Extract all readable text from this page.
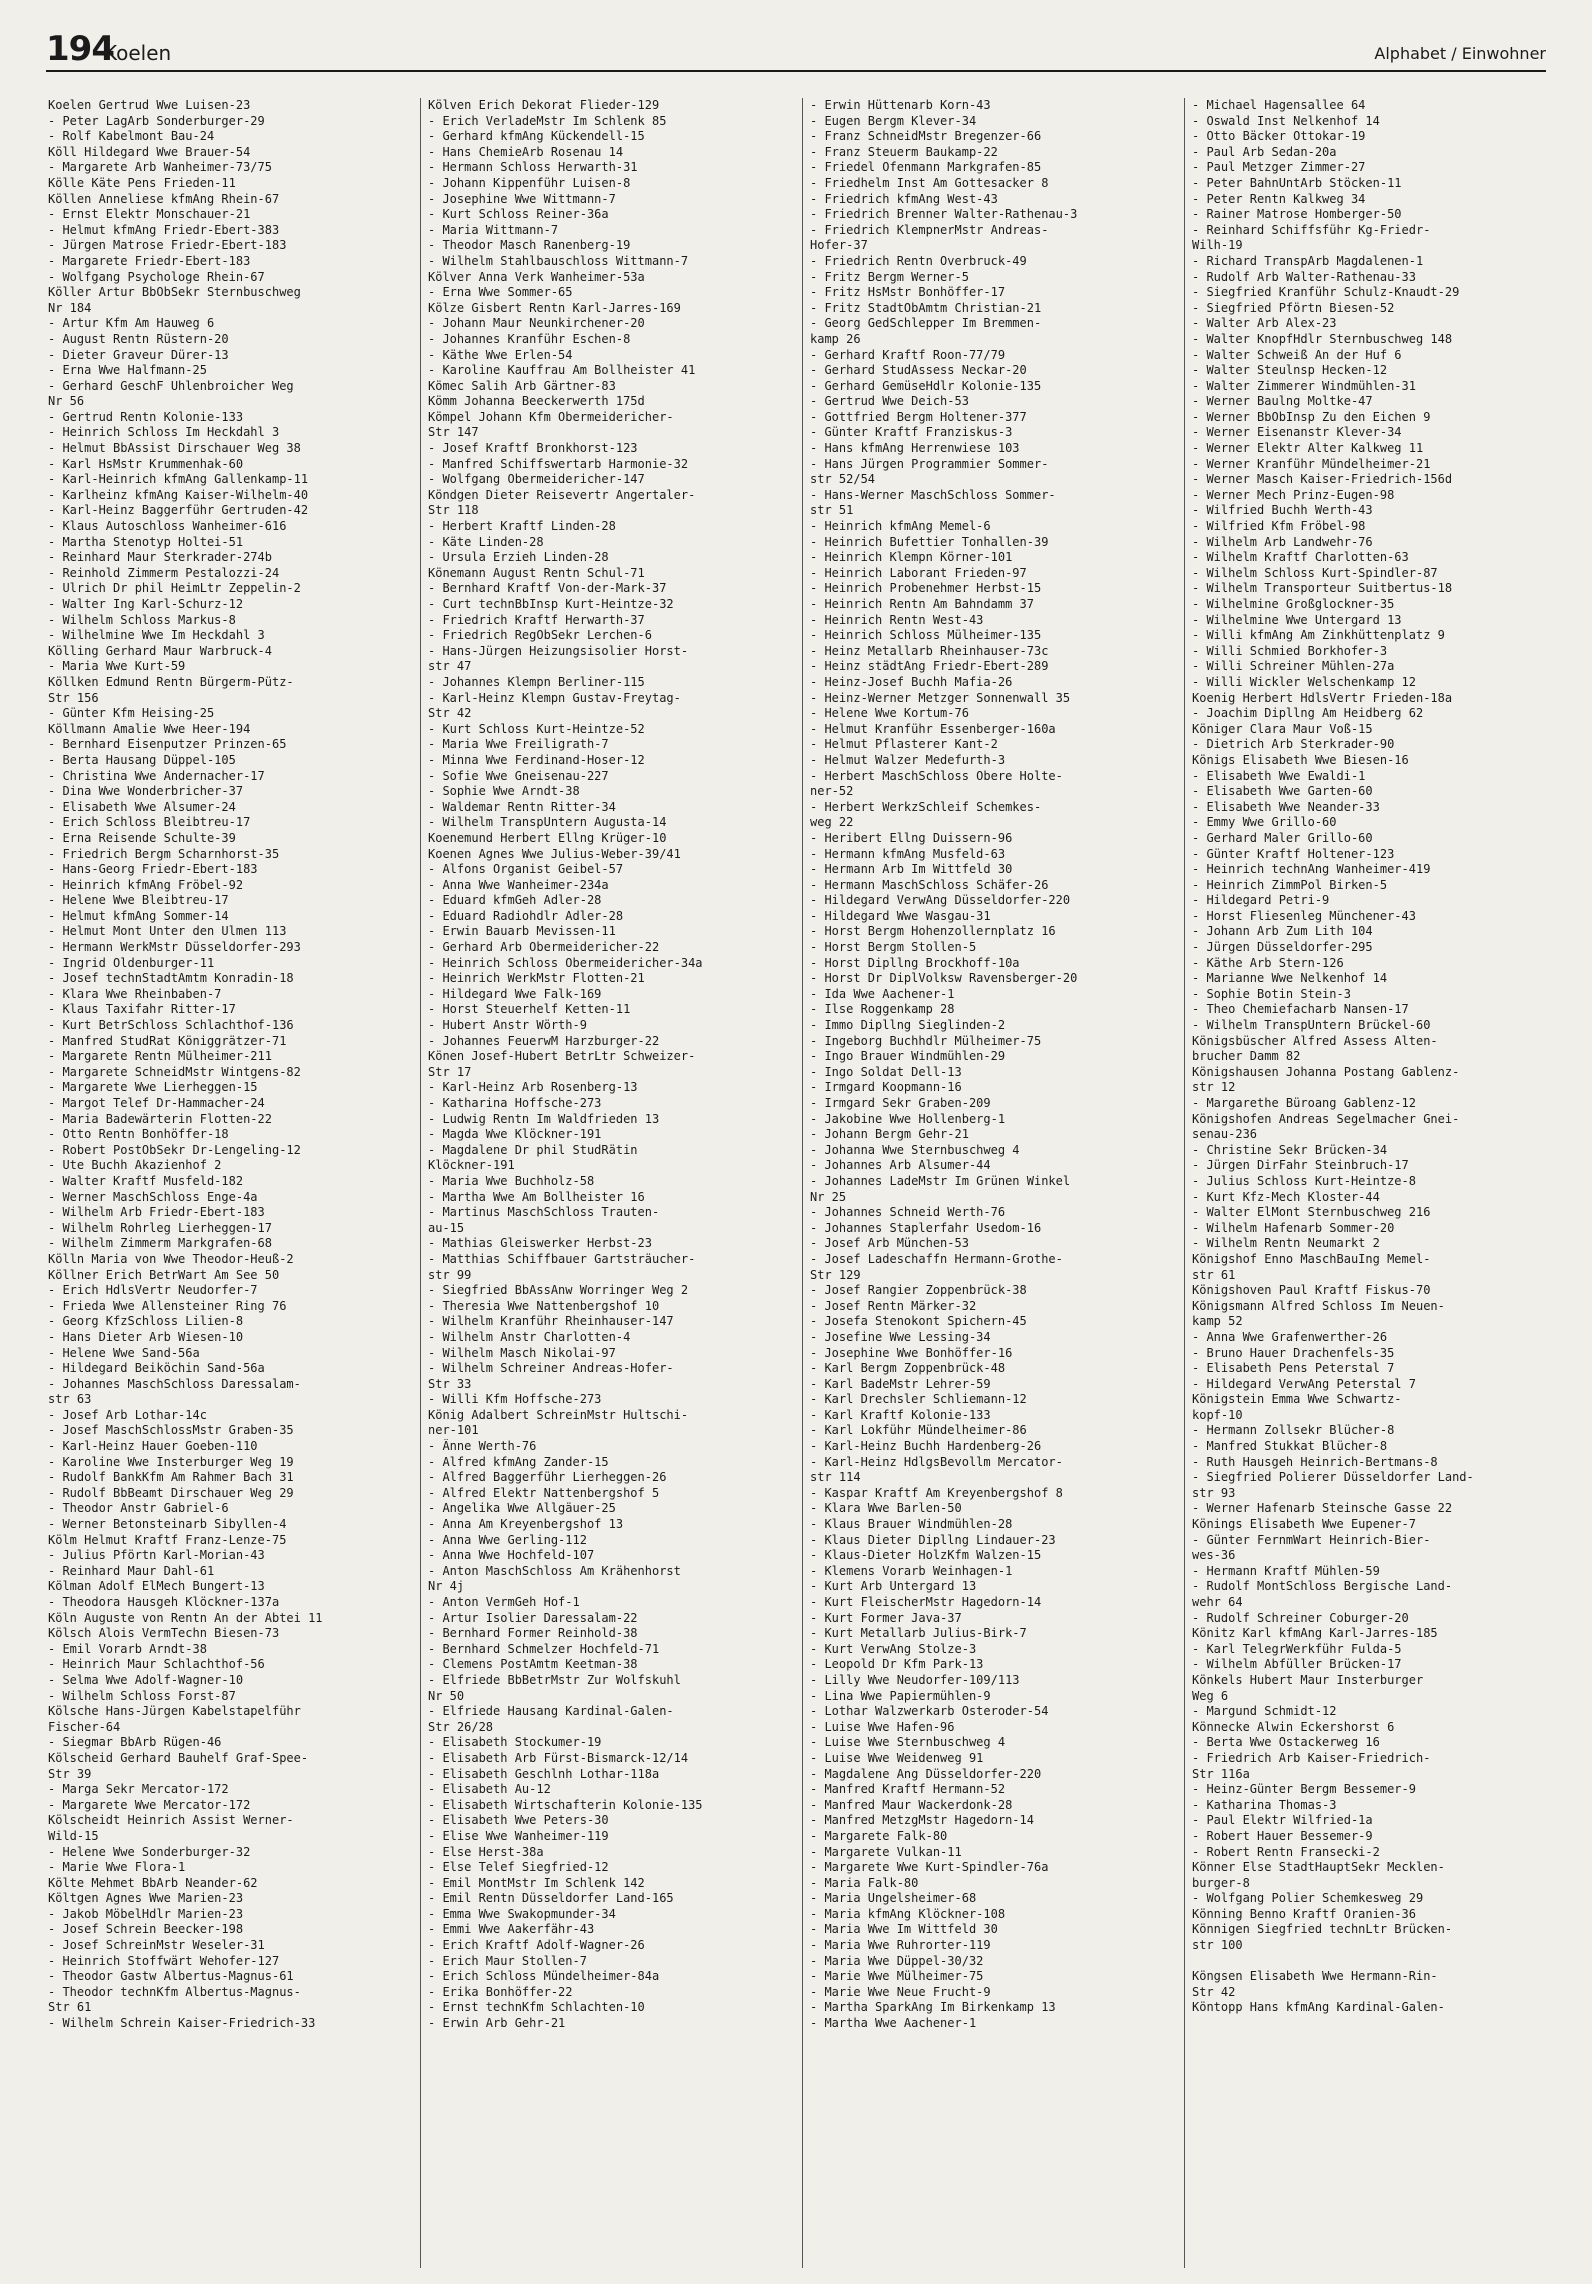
194
Koelen	Alphabet / Einwohner
Koelen Gertrud Wwe Luisen-23
- Peter LagArb Sonderburger-29
- Rolf Kabelmont Bau-24
Köll Hildegard Wwe Brauer-54
- Margarete Arb Wanheimer-73/75
Kölle Käte Pens Frieden-11
Köllen Anneliese kfmAng Rhein-67
- Ernst Elektr Monschauer-21
- Helmut kfmAng Friedr-Ebert-383
- Jürgen Matrose Friedr-Ebert-183
- Margarete Friedr-Ebert-183
- Wolfgang Psychologe Rhein-67
Köller Artur BbObSekr Sternbuschweg
Nr 184
- Artur Kfm Am Hauweg 6
- August Rentn Rüstern-20
- Dieter Graveur Dürer-13
- Erna Wwe Halfmann-25
- Gerhard GeschF Uhlenbroicher Weg
Nr 56
- Gertrud Rentn Kolonie-133
- Heinrich Schloss Im Heckdahl 3
- Helmut BbAssist Dirschauer Weg 38
- Karl HsMstr Krummenhak-60
- Karl-Heinrich kfmAng Gallenkamp-11
- Karlheinz kfmAng Kaiser-Wilhelm-40
- Karl-Heinz Baggerführ Gertruden-42
- Klaus Autoschloss Wanheimer-616
- Martha Stenotyp Holtei-51
- Reinhard Maur Sterkrader-274b
- Reinhold Zimmerm Pestalozzi-24
- Ulrich Dr phil HeimLtr Zeppelin-2
- Walter Ing Karl-Schurz-12
- Wilhelm Schloss Markus-8
- Wilhelmine Wwe Im Heckdahl 3
Kölling Gerhard Maur Warbruck-4
- Maria Wwe Kurt-59
Köllken Edmund Rentn Bürgerm-Pütz-
Str 156
- Günter Kfm Heising-25
Köllmann Amalie Wwe Heer-194
- Bernhard Eisenputzer Prinzen-65
- Berta Hausang Düppel-105
- Christina Wwe Andernacher-17
- Dina Wwe Wonderbricher-37
- Elisabeth Wwe Alsumer-24
- Erich Schloss Bleibtreu-17
- Erna Reisende Schulte-39
- Friedrich Bergm Scharnhorst-35
- Hans-Georg Friedr-Ebert-183
- Heinrich kfmAng Fröbel-92
- Helene Wwe Bleibtreu-17
- Helmut kfmAng Sommer-14
- Helmut Mont Unter den Ulmen 113
- Hermann WerkMstr Düsseldorfer-293
- Ingrid Oldenburger-11
- Josef technStadtAmtm Konradin-18
- Klara Wwe Rheinbaben-7
- Klaus Taxifahr Ritter-17
- Kurt BetrSchloss Schlachthof-136
- Manfred StudRat Königgrätzer-71
- Margarete Rentn Mülheimer-211
- Margarete SchneidMstr Wintgens-82
- Margarete Wwe Lierheggen-15
- Margot Telef Dr-Hammacher-24
- Maria Badewärterin Flotten-22
- Otto Rentn Bonhöffer-18
- Robert PostObSekr Dr-Lengeling-12
- Ute Buchh Akazienhof 2
- Walter Kraftf Musfeld-182
- Werner MaschSchloss Enge-4a
- Wilhelm Arb Friedr-Ebert-183
- Wilhelm Rohrleg Lierheggen-17
- Wilhelm Zimmerm Markgrafen-68
Kölln Maria von Wwe Theodor-Heuß-2
Köllner Erich BetrWart Am See 50
- Erich HdlsVertr Neudorfer-7
- Frieda Wwe Allensteiner Ring 76
- Georg KfzSchloss Lilien-8
- Hans Dieter Arb Wiesen-10
- Helene Wwe Sand-56a
- Hildegard Beiköchin Sand-56a
- Johannes MaschSchloss Daressalam-
str 63
- Josef Arb Lothar-14c
- Josef MaschSchlossMstr Graben-35
- Karl-Heinz Hauer Goeben-110
- Karoline Wwe Insterburger Weg 19
- Rudolf BankKfm Am Rahmer Bach 31
- Rudolf BbBeamt Dirschauer Weg 29
- Theodor Anstr Gabriel-6
- Werner Betonsteinarb Sibyllen-4
Kölm Helmut Kraftf Franz-Lenze-75
- Julius Pförtn Karl-Morian-43
- Reinhard Maur Dahl-61
Kölman Adolf ElMech Bungert-13
- Theodora Hausgeh Klöckner-137a
Köln Auguste von Rentn An der Abtei 11
Kölsch Alois VermTechn Biesen-73
- Emil Vorarb Arndt-38
- Heinrich Maur Schlachthof-56
- Selma Wwe Adolf-Wagner-10
- Wilhelm Schloss Forst-87
Kölsche Hans-Jürgen Kabelstapelführ
Fischer-64
- Siegmar BbArb Rügen-46
Kölscheid Gerhard Bauhelf Graf-Spee-
Str 39
- Marga Sekr Mercator-172
- Margarete Wwe Mercator-172
Kölscheidt Heinrich Assist Werner-
Wild-15
- Helene Wwe Sonderburger-32
- Marie Wwe Flora-1
Költe Mehmet BbArb Neander-62
Költgen Agnes Wwe Marien-23
- Jakob MöbelHdlr Marien-23
- Josef Schrein Beecker-198
- Josef SchreinMstr Weseler-31
- Heinrich Stoffwärt Wehofer-127
- Theodor Gastw Albertus-Magnus-61
- Theodor technKfm Albertus-Magnus-
Str 61
- Wilhelm Schrein Kaiser-Friedrich-33
Kölven Erich Dekorat Flieder-129
- Erich VerladeMstr Im Schlenk 85
- Gerhard kfmAng Kückendell-15
- Hans ChemieArb Rosenau 14
- Hermann Schloss Herwarth-31
- Johann Kippenführ Luisen-8
- Josephine Wwe Wittmann-7
- Kurt Schloss Reiner-36a
- Maria Wittmann-7
- Theodor Masch Ranenberg-19
- Wilhelm Stahlbauschloss Wittmann-7
Kölver Anna Verk Wanheimer-53a
- Erna Wwe Sommer-65
Kölze Gisbert Rentn Karl-Jarres-169
- Johann Maur Neunkirchener-20
- Johannes Kranführ Eschen-8
- Käthe Wwe Erlen-54
- Karoline Kauffrau Am Bollheister 41
Kömec Salih Arb Gärtner-83
Kömm Johanna Beeckerwerth 175d
Kömpel Johann Kfm Obermeidericher-
Str 147
- Josef Kraftf Bronkhorst-123
- Manfred Schiffswertarb Harmonie-32
- Wolfgang Obermeidericher-147
Köndgen Dieter Reisevertr Angertaler-
Str 118
- Herbert Kraftf Linden-28
- Käte Linden-28
- Ursula Erzieh Linden-28
Könemann August Rentn Schul-71
- Bernhard Kraftf Von-der-Mark-37
- Curt technBbInsp Kurt-Heintze-32
- Friedrich Kraftf Herwarth-37
- Friedrich RegObSekr Lerchen-6
- Hans-Jürgen Heizungsisolier Horst-
str 47
- Johannes Klempn Berliner-115
- Karl-Heinz Klempn Gustav-Freytag-
Str 42
- Kurt Schloss Kurt-Heintze-52
- Maria Wwe Freiligrath-7
- Minna Wwe Ferdinand-Hoser-12
- Sofie Wwe Gneisenau-227
- Sophie Wwe Arndt-38
- Waldemar Rentn Ritter-34
- Wilhelm TranspUntern Augusta-14
Koenemund Herbert Ellng Krüger-10
Koenen Agnes Wwe Julius-Weber-39/41
- Alfons Organist Geibel-57
- Anna Wwe Wanheimer-234a
- Eduard kfmGeh Adler-28
- Eduard Radiohdlr Adler-28
- Erwin Bauarb Mevissen-11
- Gerhard Arb Obermeidericher-22
- Heinrich Schloss Obermeidericher-34a
- Heinrich WerkMstr Flotten-21
- Hildegard Wwe Falk-169
- Horst Steuerhelf Ketten-11
- Hubert Anstr Wörth-9
- Johannes FeuerwM Harzburger-22
Könen Josef-Hubert BetrLtr Schweizer-
Str 17
- Karl-Heinz Arb Rosenberg-13
- Katharina Hoffsche-273
- Ludwig Rentn Im Waldfrieden 13
- Magda Wwe Klöckner-191
- Magdalene Dr phil StudRätin
Klöckner-191
- Maria Wwe Buchholz-58
- Martha Wwe Am Bollheister 16
- Martinus MaschSchloss Trauten-
au-15
- Mathias Gleiswerker Herbst-23
- Matthias Schiffbauer Gartsträucher-
str 99
- Siegfried BbAssAnw Worringer Weg 2
- Theresia Wwe Nattenbergshof 10
- Wilhelm Kranführ Rheinhauser-147
- Wilhelm Anstr Charlotten-4
- Wilhelm Masch Nikolai-97
- Wilhelm Schreiner Andreas-Hofer-
Str 33
- Willi Kfm Hoffsche-273
König Adalbert SchreinMstr Hultschi-
ner-101
- Änne Werth-76
- Alfred kfmAng Zander-15
- Alfred Baggerführ Lierheggen-26
- Alfred Elektr Nattenbergshof 5
- Angelika Wwe Allgäuer-25
- Anna Am Kreyenbergshof 13
- Anna Wwe Gerling-112
- Anna Wwe Hochfeld-107
- Anton MaschSchloss Am Krähenhorst
Nr 4j
- Anton VermGeh Hof-1
- Artur Isolier Daressalam-22
- Bernhard Former Reinhold-38
- Bernhard Schmelzer Hochfeld-71
- Clemens PostAmtm Keetman-38
- Elfriede BbBetrMstr Zur Wolfskuhl
Nr 50
- Elfriede Hausang Kardinal-Galen-
Str 26/28
- Elisabeth Stockumer-19
- Elisabeth Arb Fürst-Bismarck-12/14
- Elisabeth Geschlnh Lothar-118a
- Elisabeth Au-12
- Elisabeth Wirtschafterin Kolonie-135
- Elisabeth Wwe Peters-30
- Elise Wwe Wanheimer-119
- Else Herst-38a
- Else Telef Siegfried-12
- Emil MontMstr Im Schlenk 142
- Emil Rentn Düsseldorfer Land-165
- Emma Wwe Swakopmunder-34
- Emmi Wwe Aakerfähr-43
- Erich Kraftf Adolf-Wagner-26
- Erich Maur Stollen-7
- Erich Schloss Mündelheimer-84a
- Erika Bonhöffer-22
- Ernst technKfm Schlachten-10
- Erwin Arb Gehr-21
- Erwin Hüttenarb Korn-43
- Eugen Bergm Klever-34
- Franz SchneidMstr Bregenzer-66
- Franz Steuerm Baukamp-22
- Friedel Ofenmann Markgrafen-85
- Friedhelm Inst Am Gottesacker 8
- Friedrich kfmAng West-43
- Friedrich Brenner Walter-Rathenau-3
- Friedrich KlempnerMstr Andreas-
Hofer-37
- Friedrich Rentn Overbruck-49
- Fritz Bergm Werner-5
- Fritz HsMstr Bonhöffer-17
- Fritz StadtObAmtm Christian-21
- Georg GedSchlepper Im Bremmen-
kamp 26
- Gerhard Kraftf Roon-77/79
- Gerhard StudAssess Neckar-20
- Gerhard GemüseHdlr Kolonie-135
- Gertrud Wwe Deich-53
- Gottfried Bergm Holtener-377
- Günter Kraftf Franziskus-3
- Hans kfmAng Herrenwiese 103
- Hans Jürgen Programmier Sommer-
str 52/54
- Hans-Werner MaschSchloss Sommer-
str 51
- Heinrich kfmAng Memel-6
- Heinrich Bufettier Tonhallen-39
- Heinrich Klempn Körner-101
- Heinrich Laborant Frieden-97
- Heinrich Probenehmer Herbst-15
- Heinrich Rentn Am Bahndamm 37
- Heinrich Rentn West-43
- Heinrich Schloss Mülheimer-135
- Heinz Metallarb Rheinhauser-73c
- Heinz städtAng Friedr-Ebert-289
- Heinz-Josef Buchh Mafia-26
- Heinz-Werner Metzger Sonnenwall 35
- Helene Wwe Kortum-76
- Helmut Kranführ Essenberger-160a
- Helmut Pflasterer Kant-2
- Helmut Walzer Medefurth-3
- Herbert MaschSchloss Obere Holte-
ner-52
- Herbert WerkzSchleif Schemkes-
weg 22
- Heribert Ellng Duissern-96
- Hermann kfmAng Musfeld-63
- Hermann Arb Im Wittfeld 30
- Hermann MaschSchloss Schäfer-26
- Hildegard VerwAng Düsseldorfer-220
- Hildegard Wwe Wasgau-31
- Horst Bergm Hohenzollernplatz 16
- Horst Bergm Stollen-5
- Horst Dipllng Brockhoff-10a
- Horst Dr DiplVolksw Ravensberger-20
- Ida Wwe Aachener-1
- Ilse Roggenkamp 28
- Immo Dipllng Sieglinden-2
- Ingeborg Buchhdlr Mülheimer-75
- Ingo Brauer Windmühlen-29
- Ingo Soldat Dell-13
- Irmgard Koopmann-16
- Irmgard Sekr Graben-209
- Jakobine Wwe Hollenberg-1
- Johann Bergm Gehr-21
- Johanna Wwe Sternbuschweg 4
- Johannes Arb Alsumer-44
- Johannes LadeMstr Im Grünen Winkel
Nr 25
- Johannes Schneid Werth-76
- Johannes Staplerfahr Usedom-16
- Josef Arb München-53
- Josef Ladeschaffn Hermann-Grothe-
Str 129
- Josef Rangier Zoppenbrück-38
- Josef Rentn Märker-32
- Josefa Stenokont Spichern-45
- Josefine Wwe Lessing-34
- Josephine Wwe Bonhöffer-16
- Karl Bergm Zoppenbrück-48
- Karl BadeMstr Lehrer-59
- Karl Drechsler Schliemann-12
- Karl Kraftf Kolonie-133
- Karl Lokführ Mündelheimer-86
- Karl-Heinz Buchh Hardenberg-26
- Karl-Heinz HdlgsBevollm Mercator-
str 114
- Kaspar Kraftf Am Kreyenbergshof 8
- Klara Wwe Barlen-50
- Klaus Brauer Windmühlen-28
- Klaus Dieter Dipllng Lindauer-23
- Klaus-Dieter HolzKfm Walzen-15
- Klemens Vorarb Weinhagen-1
- Kurt Arb Untergard 13
- Kurt FleischerMstr Hagedorn-14
- Kurt Former Java-37
- Kurt Metallarb Julius-Birk-7
- Kurt VerwAng Stolze-3
- Leopold Dr Kfm Park-13
- Lilly Wwe Neudorfer-109/113
- Lina Wwe Papiermühlen-9
- Lothar Walzwerkarb Osteroder-54
- Luise Wwe Hafen-96
- Luise Wwe Sternbuschweg 4
- Luise Wwe Weidenweg 91
- Magdalene Ang Düsseldorfer-220
- Manfred Kraftf Hermann-52
- Manfred Maur Wackerdonk-28
- Manfred MetzgMstr Hagedorn-14
- Margarete Falk-80
- Margarete Vulkan-11
- Margarete Wwe Kurt-Spindler-76a
- Maria Falk-80
- Maria Ungelsheimer-68
- Maria kfmAng Klöckner-108
- Maria Wwe Im Wittfeld 30
- Maria Wwe Ruhrorter-119
- Maria Wwe Düppel-30/32
- Marie Wwe Mülheimer-75
- Marie Wwe Neue Frucht-9
- Martha SparkAng Im Birkenkamp 13
- Martha Wwe Aachener-1
- Michael Hagensallee 64
- Oswald Inst Nelkenhof 14
- Otto Bäcker Ottokar-19
- Paul Arb Sedan-20a
- Paul Metzger Zimmer-27
- Peter BahnUntArb Stöcken-11
- Peter Rentn Kalkweg 34
- Rainer Matrose Homberger-50
- Reinhard Schiffsführ Kg-Friedr-
Wilh-19
- Richard TranspArb Magdalenen-1
- Rudolf Arb Walter-Rathenau-33
- Siegfried Kranführ Schulz-Knaudt-29
- Siegfried Pförtn Biesen-52
- Walter Arb Alex-23
- Walter KnopfHdlr Sternbuschweg 148
- Walter Schweiß An der Huf 6
- Walter Steulnsp Hecken-12
- Walter Zimmerer Windmühlen-31
- Werner Baulng Moltke-47
- Werner BbObInsp Zu den Eichen 9
- Werner Eisenanstr Klever-34
- Werner Elektr Alter Kalkweg 11
- Werner Kranführ Mündelheimer-21
- Werner Masch Kaiser-Friedrich-156d
- Werner Mech Prinz-Eugen-98
- Wilfried Buchh Werth-43
- Wilfried Kfm Fröbel-98
- Wilhelm Arb Landwehr-76
- Wilhelm Kraftf Charlotten-63
- Wilhelm Schloss Kurt-Spindler-87
- Wilhelm Transporteur Suitbertus-18
- Wilhelmine Großglockner-35
- Wilhelmine Wwe Untergard 13
- Willi kfmAng Am Zinkhüttenplatz 9
- Willi Schmied Borkhofer-3
- Willi Schreiner Mühlen-27a
- Willi Wickler Welschenkamp 12
Koenig Herbert HdlsVertr Frieden-18a
- Joachim Dipllng Am Heidberg 62
Königer Clara Maur Voß-15
- Dietrich Arb Sterkrader-90
Königs Elisabeth Wwe Biesen-16
- Elisabeth Wwe Ewaldi-1
- Elisabeth Wwe Garten-60
- Elisabeth Wwe Neander-33
- Emmy Wwe Grillo-60
- Gerhard Maler Grillo-60
- Günter Kraftf Holtener-123
- Heinrich technAng Wanheimer-419
- Heinrich ZimmPol Birken-5
- Hildegard Petri-9
- Horst Fliesenleg Münchener-43
- Johann Arb Zum Lith 104
- Jürgen Düsseldorfer-295
- Käthe Arb Stern-126
- Marianne Wwe Nelkenhof 14
- Sophie Botin Stein-3
- Theo Chemiefacharb Nansen-17
- Wilhelm TranspUntern Brückel-60
Königsbüscher Alfred Assess Alten-
brucher Damm 82
Königshausen Johanna Postang Gablenz-
str 12
- Margarethe Büroang Gablenz-12
Königshofen Andreas Segelmacher Gnei-
senau-236
- Christine Sekr Brücken-34
- Jürgen DirFahr Steinbruch-17
- Julius Schloss Kurt-Heintze-8
- Kurt Kfz-Mech Kloster-44
- Walter ElMont Sternbuschweg 216
- Wilhelm Hafenarb Sommer-20
- Wilhelm Rentn Neumarkt 2
Königshof Enno MaschBauIng Memel-
str 61
Königshoven Paul Kraftf Fiskus-70
Königsmann Alfred Schloss Im Neuen-
kamp 52
- Anna Wwe Grafenwerther-26
- Bruno Hauer Drachenfels-35
- Elisabeth Pens Peterstal 7
- Hildegard VerwAng Peterstal 7
Königstein Emma Wwe Schwartz-
kopf-10
- Hermann Zollsekr Blücher-8
- Manfred Stukkat Blücher-8
- Ruth Hausgeh Heinrich-Bertmans-8
- Siegfried Polierer Düsseldorfer Land-
str 93
- Werner Hafenarb Steinsche Gasse 22
Könings Elisabeth Wwe Eupener-7
- Günter FernmWart Heinrich-Bier-
wes-36
- Hermann Kraftf Mühlen-59
- Rudolf MontSchloss Bergische Land-
wehr 64
- Rudolf Schreiner Coburger-20
Könitz Karl kfmAng Karl-Jarres-185
- Karl TelegrWerkführ Fulda-5
- Wilhelm Abfüller Brücken-17
Könkels Hubert Maur Insterburger
Weg 6
- Margund Schmidt-12
Könnecke Alwin Eckershorst 6
- Berta Wwe Ostackerweg 16
- Friedrich Arb Kaiser-Friedrich-
Str 116a
- Heinz-Günter Bergm Bessemer-9
- Katharina Thomas-3
- Paul Elektr Wilfried-1a
- Robert Hauer Bessemer-9
- Robert Rentn Fransecki-2
Könner Else StadtHauptSekr Mecklen-
burger-8
- Wolfgang Polier Schemkesweg 29
Könning Benno Kraftf Oranien-36
Könnigen Siegfried technLtr Brücken-
str 100
Köngsen Elisabeth Wwe Hermann-Rin-
Str 42
Köntopp Hans kfmAng Kardinal-Galen-
